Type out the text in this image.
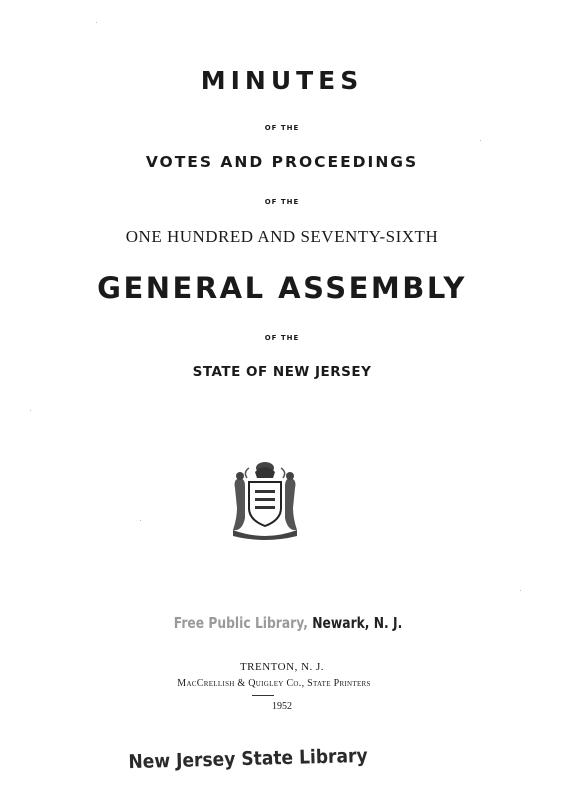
MINUTES
OF THE
VOTES AND PROCEEDINGS
OF THE
ONE HUNDRED AND SEVENTY-SIXTH
GENERAL ASSEMBLY
OF THE
STATE OF NEW JERSEY
Free Public Library, Newark, N. J.
TRENTON, N. J.
MacCrellish & Quigley Co., State Printers
1952
New Jersey State Library
